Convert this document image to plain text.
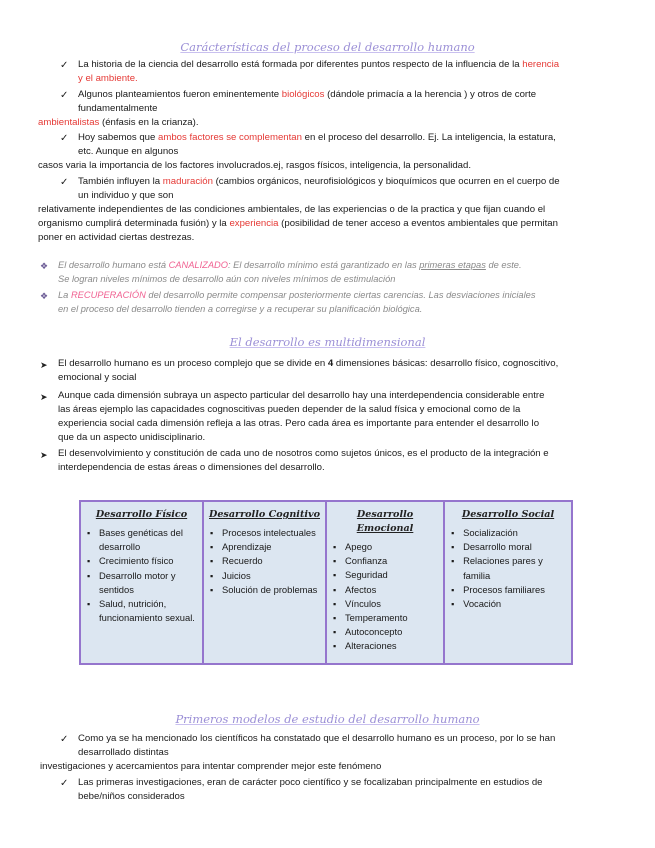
Carácterísticas del proceso del desarrollo humano
✓ La historia de la ciencia del desarrollo está formada por diferentes puntos respecto de la influencia de la herencia
y el ambiente.
✓ Algunos planteamientos fueron eminentemente biológicos (dándole primacía a la herencia ) y otros de corte
fundamentalmente
ambientalistas (énfasis en la crianza).
✓ Hoy sabemos que ambos factores se complementan en el proceso del desarrollo. Ej. La inteligencia, la estatura,
etc. Aunque en algunos
casos varia la importancia de los factores involucrados.ej, rasgos físicos, inteligencia, la personalidad.
✓ También influyen la maduración (cambios orgánicos, neurofisiológicos y bioquímicos que ocurren en el cuerpo de
un individuo y que son
relativamente independientes de las condiciones ambientales, de las experiencias o de la practica y que fijan cuando el
organismo cumplirá determinada fusión) y la experiencia (posibilidad de tener acceso a eventos ambientales que permitan
poner en actividad ciertas destrezas.
❖ El desarrollo humano está CANALIZADO: El desarrollo mínimo está garantizado en las primeras etapas de este.
Se logran niveles mínimos de desarrollo aún con niveles mínimos de estimulación
❖ La RECUPERACIÓN del desarrollo permite compensar posteriormente ciertas carencias. Las desviaciones iniciales
en el proceso del desarrollo tienden a corregirse y a recuperar su planificación biológica.
El desarrollo es multidimensional
➤ El desarrollo humano es un proceso complejo que se divide en 4 dimensiones básicas: desarrollo físico, cognoscitivo,
emocional y social
➤ Aunque cada dimensión subraya un aspecto particular del desarrollo hay una interdependencia considerable entre
las áreas ejemplo las capacidades cognoscitivas pueden depender de la salud física y emocional como de la
experiencia social cada dimensión refleja a las otras. Pero cada área es importante para entender el desarrollo lo
que da un aspecto unidisciplinario.
➤ El desenvolvimiento y constitución de cada uno de nosotros como sujetos únicos, es el producto de la integración e
interdependencia de estas áreas o dimensiones del desarrollo.
Desarrollo Físico
▪ Bases genéticas del desarrollo
▪ Crecimiento físico
▪ Desarrollo motor y sentidos
▪ Salud, nutrición, funcionamiento sexual.

Desarrollo Cognitivo
▪ Procesos intelectuales
▪ Aprendizaje
▪ Recuerdo
▪ Juicios
▪ Solución de problemas

Desarrollo Emocional
▪ Apego
▪ Confianza
▪ Seguridad
▪ Afectos
▪ Vínculos
▪ Temperamento
▪ Autoconcepto
▪ Alteraciones

Desarrollo Social
▪ Socialización
▪ Desarrollo moral
▪ Relaciones pares y familia
▪ Procesos familiares
▪ Vocación
Primeros modelos de estudio del desarrollo humano
✓ Como ya se ha mencionado los científicos ha constatado que el desarrollo humano es un proceso, por lo se han
desarrollado distintas
investigaciones y acercamientos para intentar comprender mejor este fenómeno
✓ Las primeras investigaciones, eran de carácter poco científico y se focalizaban principalmente en estudios de
bebe/niños considerados
